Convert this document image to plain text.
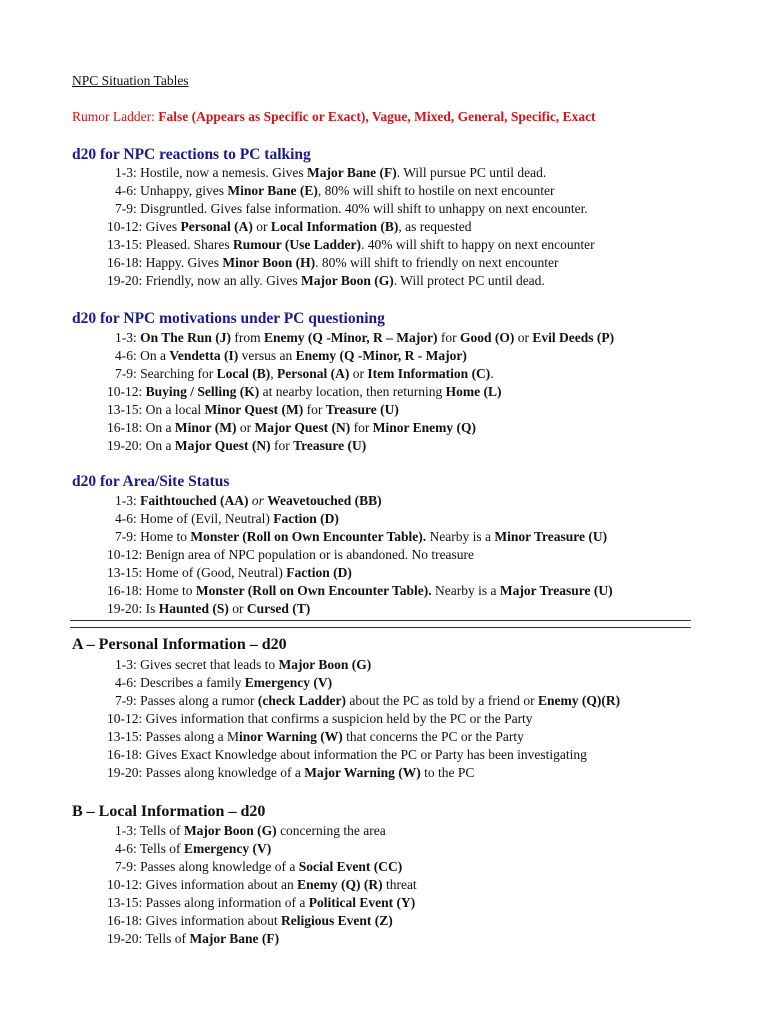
NPC Situation Tables
Rumor Ladder: False (Appears as Specific or Exact), Vague, Mixed, General, Specific, Exact
d20 for NPC reactions to PC talking
1-3: Hostile, now a nemesis. Gives Major Bane (F). Will pursue PC until dead.
4-6: Unhappy, gives Minor Bane (E), 80% will shift to hostile on next encounter
7-9: Disgruntled. Gives false information. 40% will shift to unhappy on next encounter.
10-12: Gives Personal (A) or Local Information (B), as requested
13-15: Pleased. Shares Rumour (Use Ladder). 40% will shift to happy on next encounter
16-18: Happy. Gives Minor Boon (H). 80% will shift to friendly on next encounter
19-20: Friendly, now an ally. Gives Major Boon (G). Will protect PC until dead.
d20 for NPC motivations under PC questioning
1-3: On The Run (J) from Enemy (Q -Minor, R – Major) for Good (O) or Evil Deeds (P)
4-6: On a Vendetta (I) versus an Enemy (Q -Minor, R - Major)
7-9: Searching for Local (B), Personal (A) or Item Information (C).
10-12: Buying / Selling (K) at nearby location, then returning Home (L)
13-15: On a local Minor Quest (M) for Treasure (U)
16-18: On a Minor (M) or Major Quest (N) for Minor Enemy (Q)
19-20: On a Major Quest (N) for Treasure (U)
d20 for Area/Site Status
1-3: Faithtouched (AA) or Weavetouched (BB)
4-6: Home of (Evil, Neutral) Faction (D)
7-9: Home to Monster (Roll on Own Encounter Table). Nearby is a Minor Treasure (U)
10-12: Benign area of NPC population or is abandoned. No treasure
13-15: Home of (Good, Neutral) Faction (D)
16-18: Home to Monster (Roll on Own Encounter Table). Nearby is a Major Treasure (U)
19-20: Is Haunted (S) or Cursed (T)
A – Personal Information – d20
1-3: Gives secret that leads to Major Boon (G)
4-6: Describes a family Emergency (V)
7-9: Passes along a rumor (check Ladder) about the PC as told by a friend or Enemy (Q)(R)
10-12: Gives information that confirms a suspicion held by the PC or the Party
13-15: Passes along a Minor Warning (W) that concerns the PC or the Party
16-18: Gives Exact Knowledge about information the PC or Party has been investigating
19-20: Passes along knowledge of a Major Warning (W) to the PC
B – Local Information – d20
1-3: Tells of Major Boon (G) concerning the area
4-6: Tells of Emergency (V)
7-9: Passes along knowledge of a Social Event (CC)
10-12: Gives information about an Enemy (Q) (R) threat
13-15: Passes along information of a Political Event (Y)
16-18: Gives information about Religious Event (Z)
19-20: Tells of Major Bane (F)
